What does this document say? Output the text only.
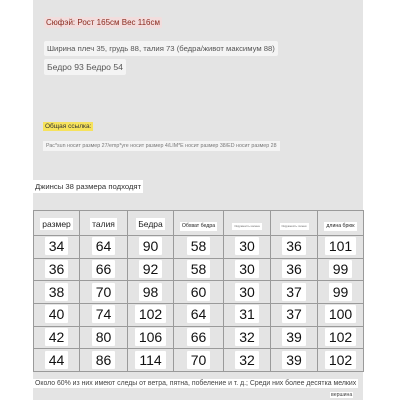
Сюфэй: Рост 165см Вес 116см
Ширина плеч 35, грудь 88, талия 73 (бедра/живот максимум 88)
Бедро 93 Бедро 54
Общая ссылка:
Рас*sun носит размер 27/emp*yre носит размер 4/LIM*E носит размер 38/ED носит размер 28
Джинсы 38 размера подходят
размер	талия	Бедра	Обхват бедра	Окружность колена	Окружность голени	длина брюк
34	64	90	58	30	36	101
36	66	92	58	30	36	99
38	70	98	60	30	37	99
40	74	102	64	31	37	100
42	80	106	66	32	39	102
44	86	114	70	32	39	102
Около 60% из них имеют следы от ветра, пятна, побеление и т. д.; Среди них более десятка мелких
вершина
